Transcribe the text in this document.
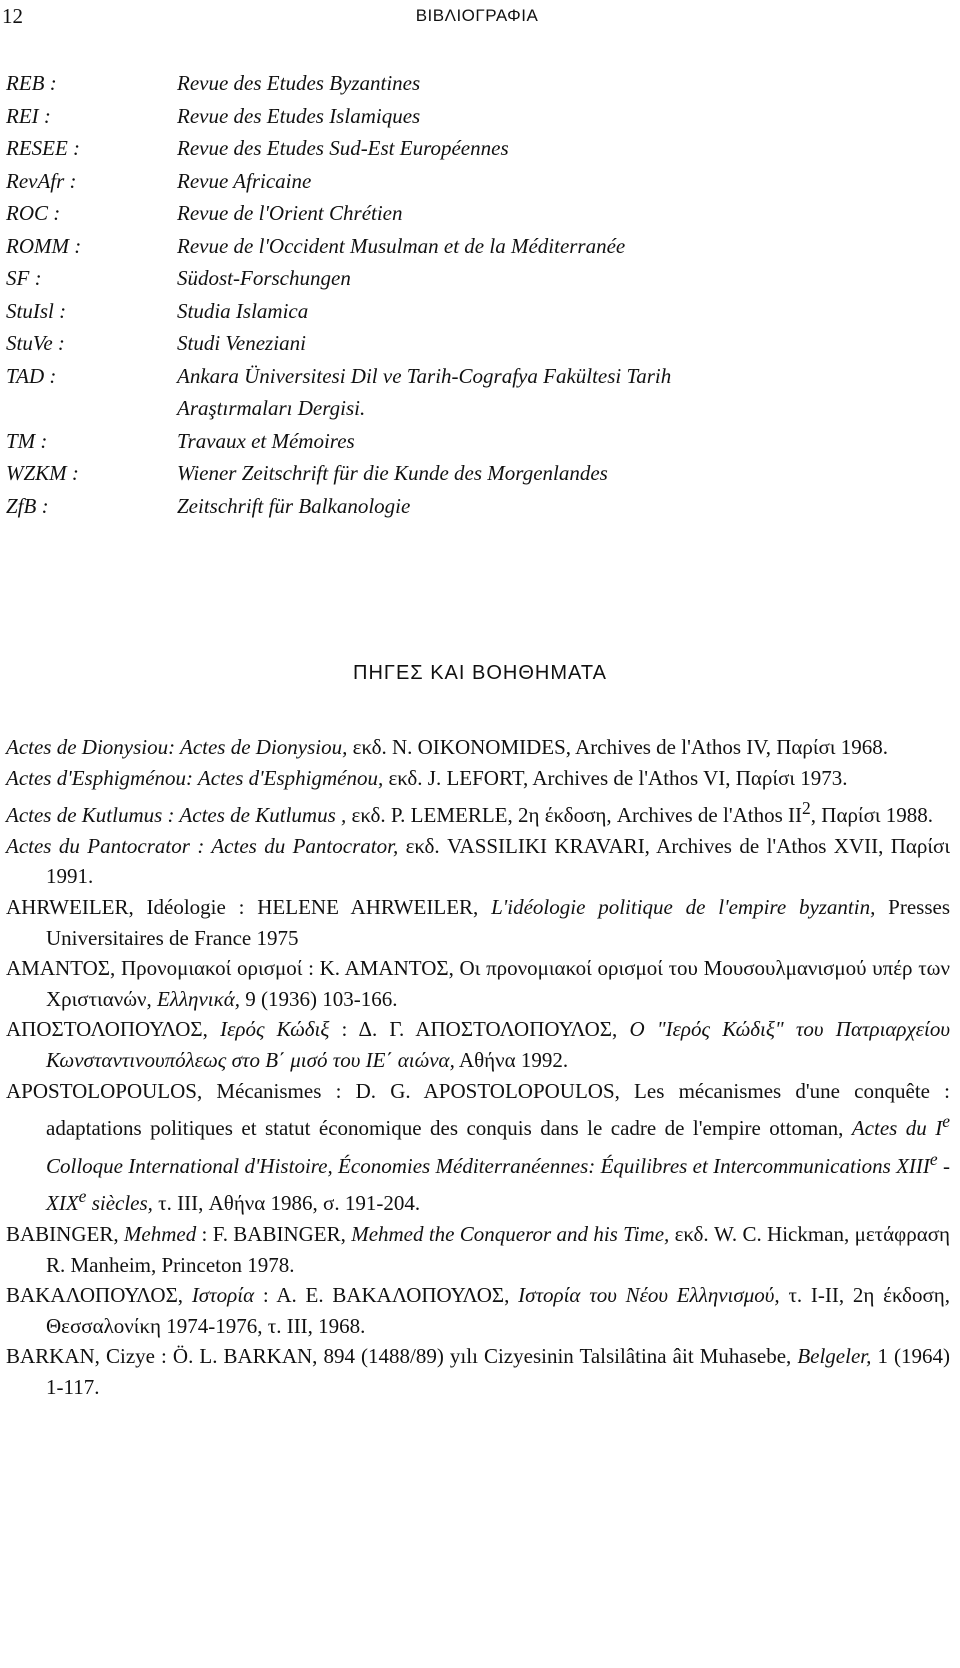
12	ΒΙΒΛΙΟΓΡΑΦΙΑ
REB :	Revue des Etudes Byzantines
REI :	Revue des Etudes Islamiques
RESEE :	Revue des Etudes Sud-Est Européennes
RevAfr :	Revue Africaine
ROC :	Revue de l'Orient Chrétien
ROMM :	Revue de l'Occident Musulman et de la Méditerranée
SF :	Südost-Forschungen
StuIsl :	Studia Islamica
StuVe :	Studi Veneziani
TAD :	Ankara Üniversitesi Dil ve Tarih-Cografya Fakültesi Tarih
Araştırmaları Dergisi.
TM :	Travaux et Mémoires
WZKM :	Wiener Zeitschrift für die Kunde des Morgenlandes
ZfB :	Zeitschrift für Balkanologie
ΠΗΓΕΣ ΚΑΙ ΒΟΗΘΗΜΑΤΑ
Actes de Dionysiou: Actes de Dionysiou, εκδ. N. OIKONOMIDES, Archives de l'Athos IV, Παρίσι 1968.
Actes d'Esphigménou: Actes d'Esphigménou, εκδ. J. LEFORT, Archives de l'Athos VI, Παρίσι 1973.
Actes de Kutlumus : Actes de Kutlumus , εκδ. P. LEMERLE, 2η έκδοση, Archives de l'Athos $II^2$, Παρίσι 1988.
Actes du Pantocrator : Actes du Pantocrator, εκδ. VASSILIKI KRAVARI, Archives de l'Athos XVII, Παρίσι 1991.
AHRWEILER, Idéologie : HELENE AHRWEILER, L'idéologie politique de l'empire byzantin, Presses Universitaires de France 1975
ΑΜΑΝΤΟΣ, Προνομιακοί ορισμοί : Κ. ΑΜΑΝΤΟΣ, Οι προνομιακοί ορισμοί του Μουσουλμανισμού υπέρ των Χριστιανών, Ελληνικά, 9 (1936) 103-166.
ΑΠΟΣΤΟΛΟΠΟΥΛΟΣ, Ιερός Κώδιξ : Δ. Γ. ΑΠΟΣΤΟΛΟΠΟΥΛΟΣ, Ο "Ιερός Κώδιξ" του Πατριαρχείου Κωνσταντινουπόλεως στο Β΄ μισό του ΙΕ΄ αιώνα, Αθήνα 1992.
APOSTOLOPOULOS, Mécanismes : D. G. APOSTOLOPOULOS, Les mécanismes d'une conquête : adaptations politiques et statut économique des conquis dans le cadre de l'empire ottoman, Actes du Ie Colloque International d'Histoire, Économies Méditerranéennes: Équilibres et Intercommunications XIIIe - XIXe siècles, τ. III, Αθήνα 1986, σ. 191-204.
BABINGER, Mehmed : F. BABINGER, Mehmed the Conqueror and his Time, εκδ. W. C. Hickman, μετάφραση R. Manheim, Princeton 1978.
ΒΑΚΑΛΟΠΟΥΛΟΣ, Ιστορία : Α. Ε. ΒΑΚΑΛΟΠΟΥΛΟΣ, Ιστορία του Νέου Ελληνισμού, τ. I-II, 2η έκδοση, Θεσσαλονίκη 1974-1976, τ. III, 1968.
BARKAN, Cizye : Ö. L. BARKAN, 894 (1488/89) yılı Cizyesinin Talsilâtina âit Muhasebe, Belgeler, 1 (1964) 1-117.
